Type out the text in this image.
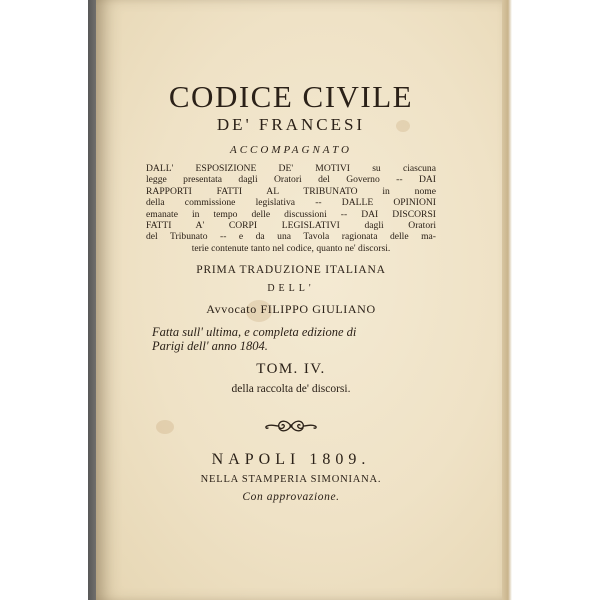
CODICE CIVILE
DE' FRANCESI
ACCOMPAGNATO
DALL' ESPOSIZIONE DE' MOTIVI su ciascuna
legge presentata dagli Oratori del Governo -- DAI
RAPPORTI FATTI AL TRIBUNATO in nome
della commissione legislativa -- DALLE OPINIONI
emanate in tempo delle discussioni -- DAI DISCORSI
FATTI A' CORPI LEGISLATIVI dagli Oratori
del Tribunato -- e da una Tavola ragionata delle ma-
terie contenute tanto nel codice, quanto ne' discorsi.
PRIMA TRADUZIONE ITALIANA
DELL'
Avvocato FILIPPO GIULIANO
Fatta sull' ultima, e completa edizione di
Parigi dell' anno 1804.
TOM. IV.
della raccolta de' discorsi.
NAPOLI 1809.
NELLA STAMPERIA SIMONIANA.
Con approvazione.
